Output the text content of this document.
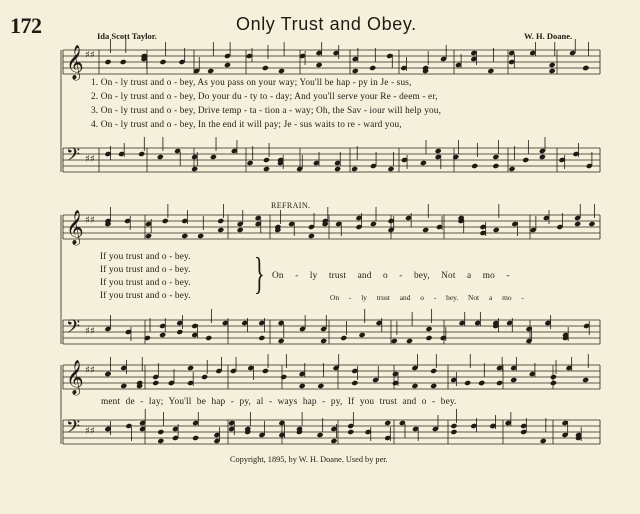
172	Only Trust and Obey.
Ida Scott Taylor.	W. H. Doane.
𝄞 ♯♯
𝄢 ♯♯
𝄞 ♯♯
𝄢 ♯♯
𝄞 ♯♯
𝄢 ♯♯
1. On - ly trust and o - bey, As you pass on your way; You'll be hap - py in Je - sus,
2. On - ly trust and o - bey, Do your du - ty to - day; And you'll serve your Re - deem - er,
3. On - ly trust and o - bey, Drive temp - ta - tion a - way; Oh, the Sav - iour will help you,
4. On - ly trust and o - bey, In the end it will pay; Je - sus waits to re - ward you,
REFRAIN.
If you trust and o - bey.
If you trust and o - bey.
If you trust and o - bey.
If you trust and o - bey. } On - ly trust and o - bey, Not a mo -
On - ly trust and o - bey. Not a mo -
ment de - lay; You'll be hap - py, al - ways hap - py, If you trust and o - bey.
Copyright, 1895, by W. H. Doane. Used by per.
